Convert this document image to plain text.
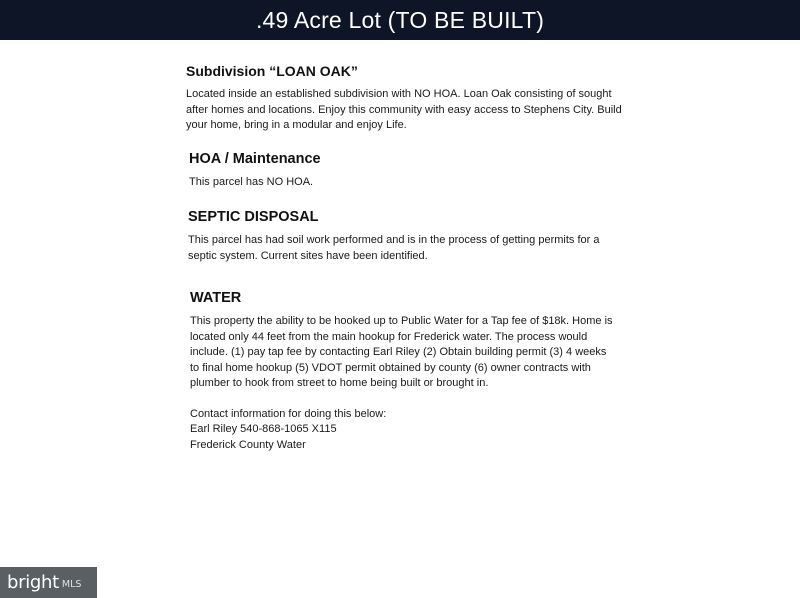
.49 Acre Lot (TO BE BUILT)
Subdivision “LOAN OAK”

Located inside an established subdivision with NO HOA. Loan Oak consisting of sought after homes and locations. Enjoy this community with easy access to Stephens City. Build your home, bring in a modular and enjoy Life.

HOA / Maintenance

This parcel has NO HOA.

SEPTIC DISPOSAL

This parcel has had soil work performed and is in the process of getting permits for a septic system. Current sites have been identified.

WATER

This property the ability to be hooked up to Public Water for a Tap fee of $18k. Home is located only 44 feet from the main hookup for Frederick water. The process would include. (1) pay tap fee by contacting Earl Riley (2) Obtain building permit (3) 4 weeks to final home hookup (5) VDOT permit obtained by county (6) owner contracts with plumber to hook from street to home being built or brought in.

Contact information for doing this below:
Earl Riley 540-868-1065 X115
Frederick County Water
bright MLS
